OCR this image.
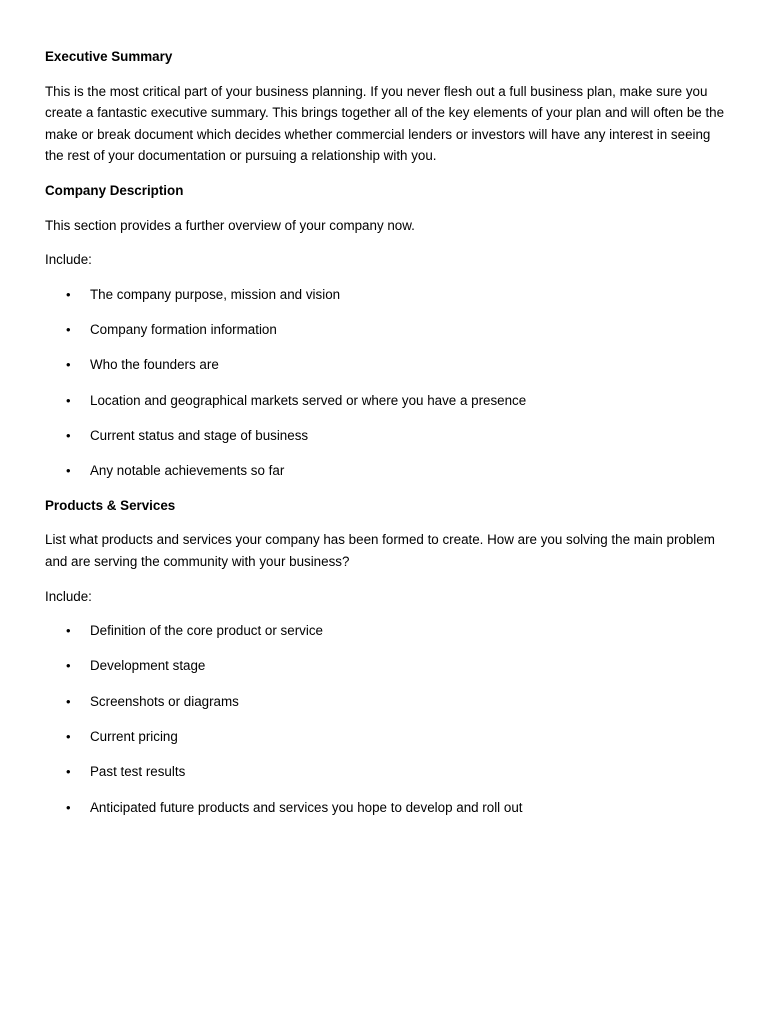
Executive Summary
This is the most critical part of your business planning. If you never flesh out a full business plan, make sure you create a fantastic executive summary. This brings together all of the key elements of your plan and will often be the make or break document which decides whether commercial lenders or investors will have any interest in seeing the rest of your documentation or pursuing a relationship with you.
Company Description
This section provides a further overview of your company now.
Include:
• The company purpose, mission and vision
• Company formation information
• Who the founders are
• Location and geographical markets served or where you have a presence
• Current status and stage of business
• Any notable achievements so far
Products & Services
List what products and services your company has been formed to create. How are you solving the main problem and are serving the community with your business?
Include:
• Definition of the core product or service
• Development stage
• Screenshots or diagrams
• Current pricing
• Past test results
• Anticipated future products and services you hope to develop and roll out
